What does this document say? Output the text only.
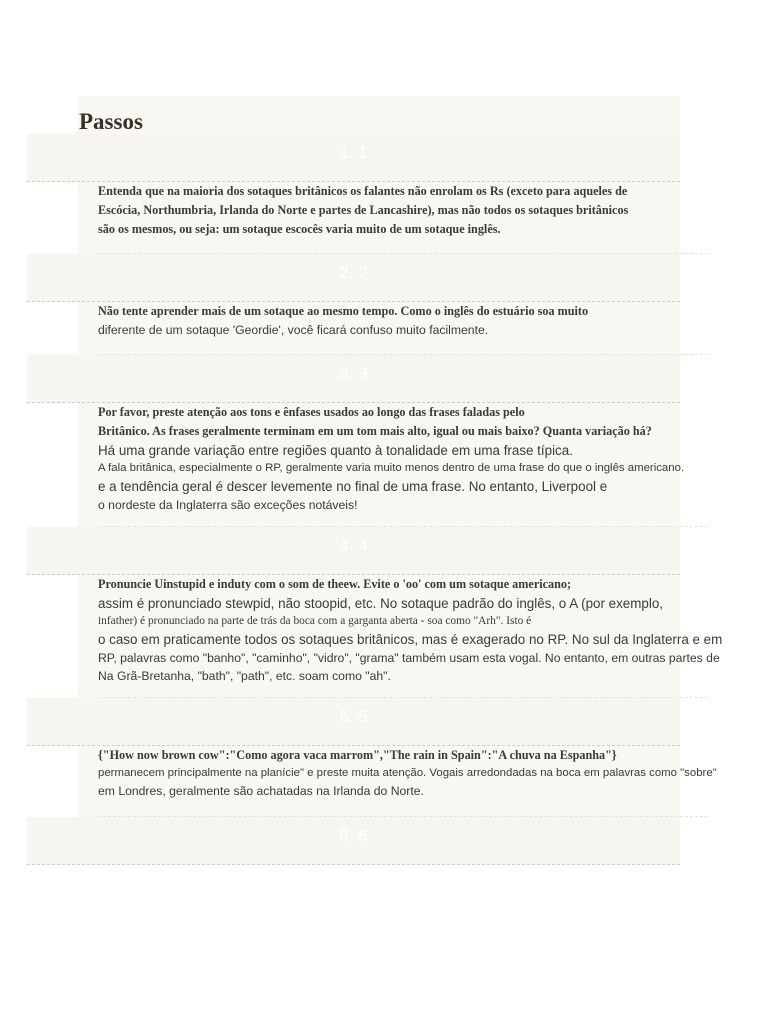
Passos
1. 1
Entenda que na maioria dos sotaques britânicos os falantes não enrolam os Rs (exceto para aqueles de
Escócia, Northumbria, Irlanda do Norte e partes de Lancashire), mas não todos os sotaques britânicos
são os mesmos, ou seja: um sotaque escocês varia muito de um sotaque inglês.
2. 2
Não tente aprender mais de um sotaque ao mesmo tempo. Como o inglês do estuário soa muito
diferente de um sotaque 'Geordie', você ficará confuso muito facilmente.
3. 3
Por favor, preste atenção aos tons e ênfases usados ao longo das frases faladas pelo
Britânico. As frases geralmente terminam em um tom mais alto, igual ou mais baixo? Quanta variação há?
Há uma grande variação entre regiões quanto à tonalidade em uma frase típica.
A fala britânica, especialmente o RP, geralmente varia muito menos dentro de uma frase do que o inglês americano.
e a tendência geral é descer levemente no final de uma frase. No entanto, Liverpool e
o nordeste da Inglaterra são exceções notáveis!
4. 4
Pronuncie Uinstupid e induty com o som de theew. Evite o 'oo' com um sotaque americano;
assim é pronunciado stewpid, não stoopid, etc. No sotaque padrão do inglês, o A (por exemplo,
infather) é pronunciado na parte de trás da boca com a garganta aberta - soa como "Arh". Isto é
o caso em praticamente todos os sotaques britânicos, mas é exagerado no RP. No sul da Inglaterra e em
RP, palavras como "banho", "caminho", "vidro", "grama" também usam esta vogal. No entanto, em outras partes de
Na Grã-Bretanha, "bath", "path", etc. soam como "ah".
5. 5
{"How now brown cow":"Como agora vaca marrom","The rain in Spain":"A chuva na Espanha"}
permanecem principalmente na planície" e preste muita atenção. Vogais arredondadas na boca em palavras como "sobre"
em Londres, geralmente são achatadas na Irlanda do Norte.
6. 6
